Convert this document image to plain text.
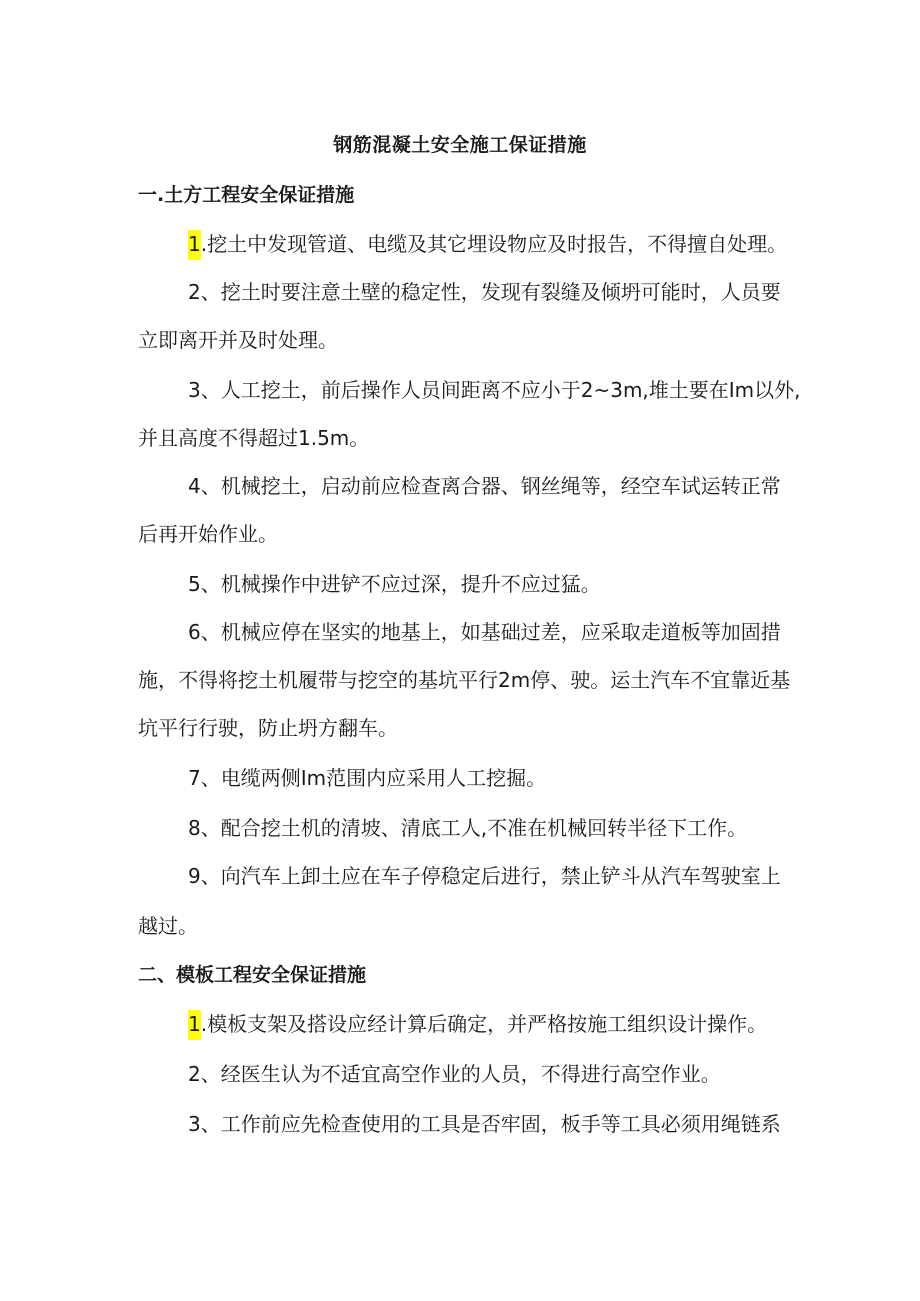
钢筋混凝土安全施工保证措施
一.土方工程安全保证措施
1.挖土中发现管道、电缆及其它埋设物应及时报告，不得擅自处理。
2、挖土时要注意土壁的稳定性，发现有裂缝及倾坍可能时，人员要
立即离开并及时处理。
3、人工挖土，前后操作人员间距离不应小于2~3m,堆土要在Im以外,
并且高度不得超过1.5m。
4、机械挖土，启动前应检查离合器、钢丝绳等，经空车试运转正常
后再开始作业。
5、机械操作中进铲不应过深，提升不应过猛。
6、机械应停在坚实的地基上，如基础过差，应采取走道板等加固措
施，不得将挖土机履带与挖空的基坑平行2m停、驶。运土汽车不宜靠近基
坑平行行驶，防止坍方翻车。
7、电缆两侧Im范围内应采用人工挖掘。
8、配合挖土机的清坡、清底工人,不准在机械回转半径下工作。
9、向汽车上卸土应在车子停稳定后进行，禁止铲斗从汽车驾驶室上
越过。
二、模板工程安全保证措施
1.模板支架及搭设应经计算后确定，并严格按施工组织设计操作。
2、经医生认为不适宜高空作业的人员，不得进行高空作业。
3、工作前应先检查使用的工具是否牢固，板手等工具必须用绳链系
